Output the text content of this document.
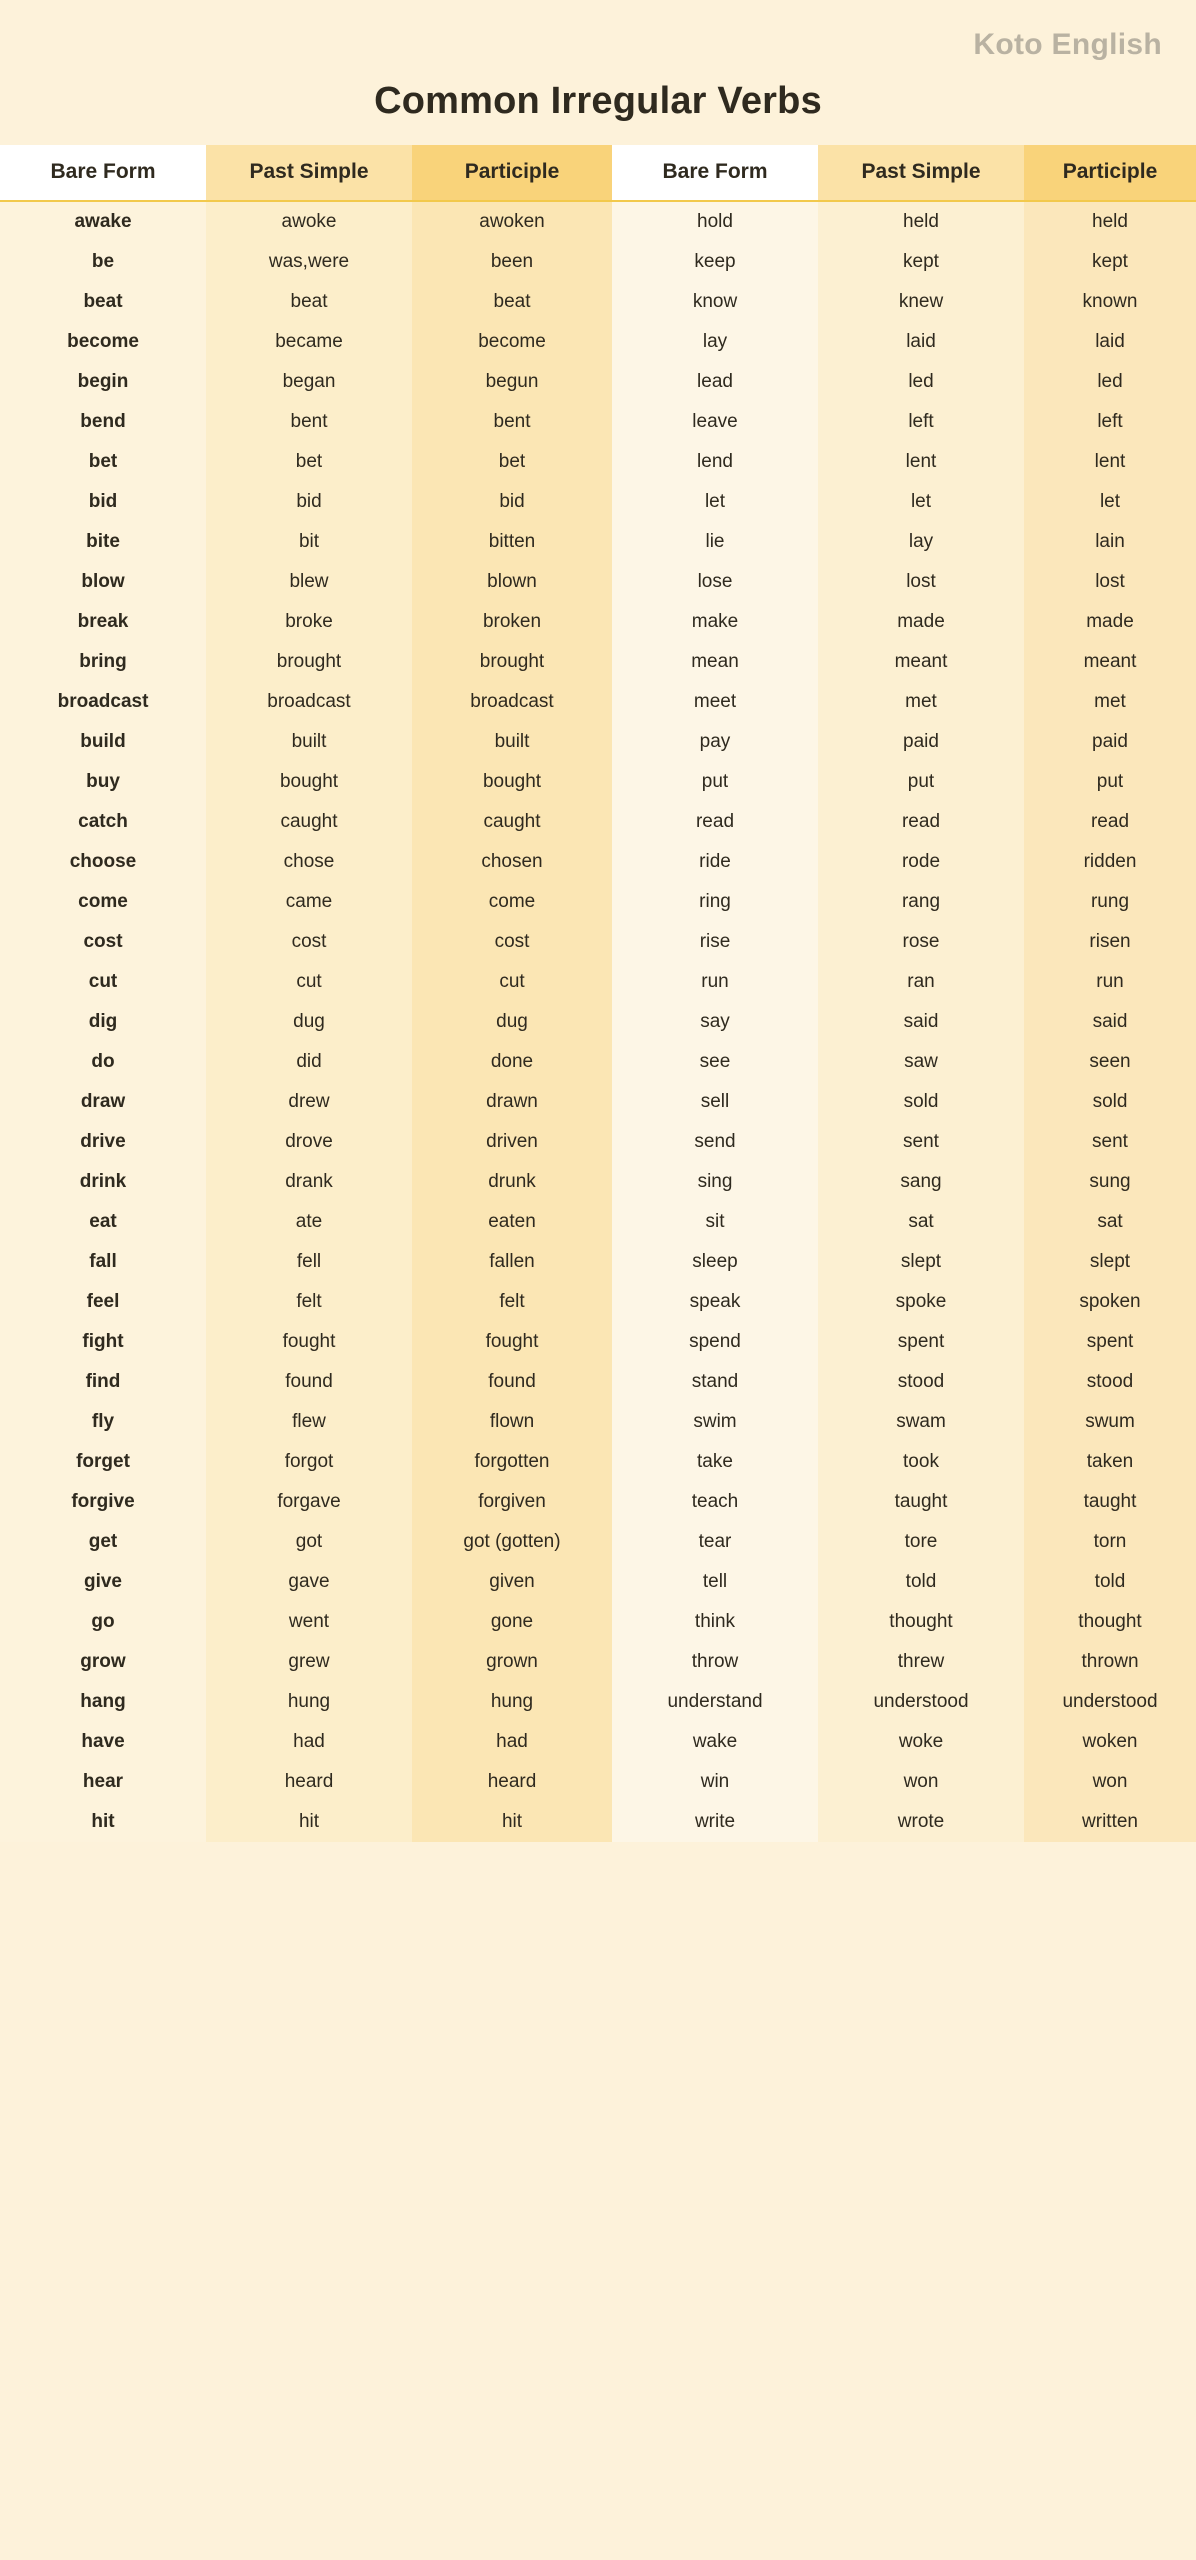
Koto English
Common Irregular Verbs
Bare Form	Past Simple	Participle	Bare Form	Past Simple	Participle
awake	awoke	awoken	hold	held	held
be	was,were	been	keep	kept	kept
beat	beat	beat	know	knew	known
become	became	become	lay	laid	laid
begin	began	begun	lead	led	led
bend	bent	bent	leave	left	left
bet	bet	bet	lend	lent	lent
bid	bid	bid	let	let	let
bite	bit	bitten	lie	lay	lain
blow	blew	blown	lose	lost	lost
break	broke	broken	make	made	made
bring	brought	brought	mean	meant	meant
broadcast	broadcast	broadcast	meet	met	met
build	built	built	pay	paid	paid
buy	bought	bought	put	put	put
catch	caught	caught	read	read	read
choose	chose	chosen	ride	rode	ridden
come	came	come	ring	rang	rung
cost	cost	cost	rise	rose	risen
cut	cut	cut	run	ran	run
dig	dug	dug	say	said	said
do	did	done	see	saw	seen
draw	drew	drawn	sell	sold	sold
drive	drove	driven	send	sent	sent
drink	drank	drunk	sing	sang	sung
eat	ate	eaten	sit	sat	sat
fall	fell	fallen	sleep	slept	slept
feel	felt	felt	speak	spoke	spoken
fight	fought	fought	spend	spent	spent
find	found	found	stand	stood	stood
fly	flew	flown	swim	swam	swum
forget	forgot	forgotten	take	took	taken
forgive	forgave	forgiven	teach	taught	taught
get	got	got (gotten)	tear	tore	torn
give	gave	given	tell	told	told
go	went	gone	think	thought	thought
grow	grew	grown	throw	threw	thrown
hang	hung	hung	understand	understood	understood
have	had	had	wake	woke	woken
hear	heard	heard	win	won	won
hit	hit	hit	write	wrote	written
